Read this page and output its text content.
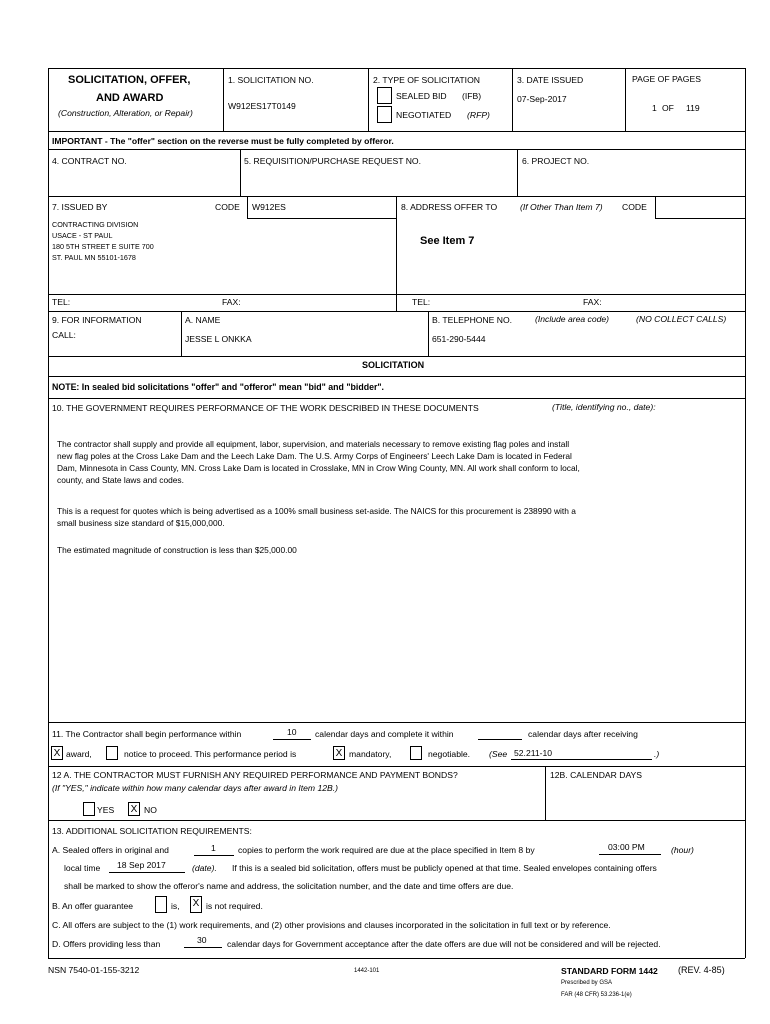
SOLICITATION, OFFER,
AND AWARD
(Construction, Alteration, or Repair)
1. SOLICITATION NO.
W912ES17T0149
2. TYPE OF SOLICITATION
SEALED BID (IFB)
NEGOTIATED (RFP)
3. DATE ISSUED
07-Sep-2017
PAGE OF PAGES
1 OF 119
IMPORTANT - The "offer" section on the reverse must be fully completed by offeror.
4. CONTRACT NO.	5. REQUISITION/PURCHASE REQUEST NO.	6. PROJECT NO.
7. ISSUED BY	CODE W912ES
CONTRACTING DIVISION
USACE - ST PAUL
180 5TH STREET E SUITE 700
ST. PAUL MN 55101-1678
8. ADDRESS OFFER TO	(If Other Than Item 7) CODE
See Item 7
TEL:	FAX:	TEL:	FAX:
9. FOR INFORMATION
CALL:
A. NAME
JESSE L ONKKA
B. TELEPHONE NO.	(Include area code)	(NO COLLECT CALLS)
651-290-5444
SOLICITATION
NOTE: In sealed bid solicitations "offer" and "offeror" mean "bid" and "bidder".
10. THE GOVERNMENT REQUIRES PERFORMANCE OF THE WORK DESCRIBED IN THESE DOCUMENTS	(Title, identifying no., date):
The contractor shall supply and provide all equipment, labor, supervision, and materials necessary to remove existing flag poles and install
new flag poles at the Cross Lake Dam and the Leech Lake Dam. The U.S. Army Corps of Engineers' Leech Lake Dam is located in Federal
Dam, Minnesota in Cass County, MN. Cross Lake Dam is located in Crosslake, MN in Crow Wing County, MN. All work shall conform to local,
county, and State laws and codes.
This is a request for quotes which is being advertised as a 100% small business set-aside. The NAICS for this procurement is 238990 with a
small business size standard of $15,000,000.
The estimated magnitude of construction is less than $25,000.00
11. The Contractor shall begin performance within	10 calendar days and complete it within	calendar days after receiving
X award,	notice to proceed. This performance period is	X mandatory,	negotiable. (See 52.211-10	.)
12 A. THE CONTRACTOR MUST FURNISH ANY REQUIRED PERFORMANCE AND PAYMENT BONDS?
(If "YES," indicate within how many calendar days after award in Item 12B.)
12B. CALENDAR DAYS
YES X NO
13. ADDITIONAL SOLICITATION REQUIREMENTS:
A. Sealed offers in original and	1	copies to perform the work required are due at the place specified in Item 8 by	03:00 PM	(hour)
local time 18 Sep 2017	(date). If this is a sealed bid solicitation, offers must be publicly opened at that time. Sealed envelopes containing offers
shall be marked to show the offeror's name and address, the solicitation number, and the date and time offers are due.
B. An offer guarantee	is, X is not required.
C. All offers are subject to the (1) work requirements, and (2) other provisions and clauses incorporated in the solicitation in full text or by reference.
D. Offers providing less than	30 calendar days for Government acceptance after the date offers are due will not be considered and will be rejected.
NSN 7540-01-155-3212	1442-101	STANDARD FORM 1442 (REV. 4-85)
Prescribed by GSA
FAR (48 CFR) 53.236-1(e)
